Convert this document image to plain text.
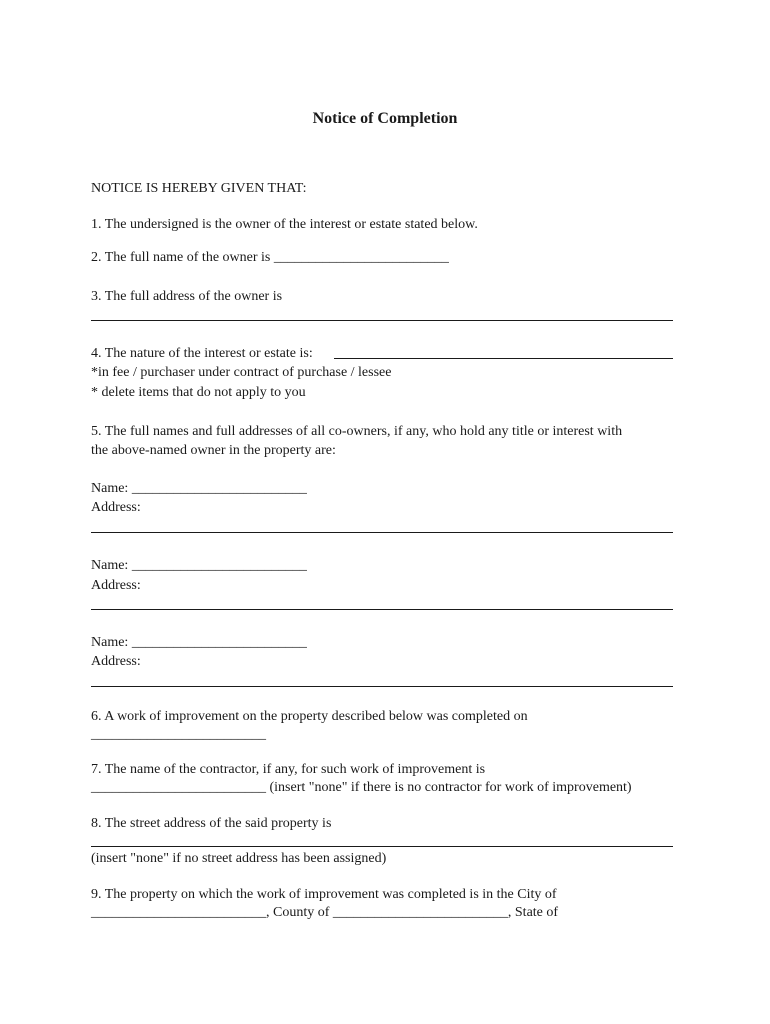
Notice of Completion
NOTICE IS HEREBY GIVEN THAT:
1. The undersigned is the owner of the interest or estate stated below.
2. The full name of the owner is _________________________
3. The full address of the owner is
4. The nature of the interest or estate is:
*in fee / purchaser under contract of purchase / lessee
* delete items that do not apply to you
5. The full names and full addresses of all co-owners, if any, who hold any title or interest with
the above-named owner in the property are:
Name: _________________________
Address:
Name: _________________________
Address:
Name: _________________________
Address:
6. A work of improvement on the property described below was completed on
_________________________
7. The name of the contractor, if any, for such work of improvement is
_________________________ (insert "none" if there is no contractor for work of improvement)
8. The street address of the said property is
(insert "none" if no street address has been assigned)
9. The property on which the work of improvement was completed is in the City of
_________________________, County of _________________________, State of
